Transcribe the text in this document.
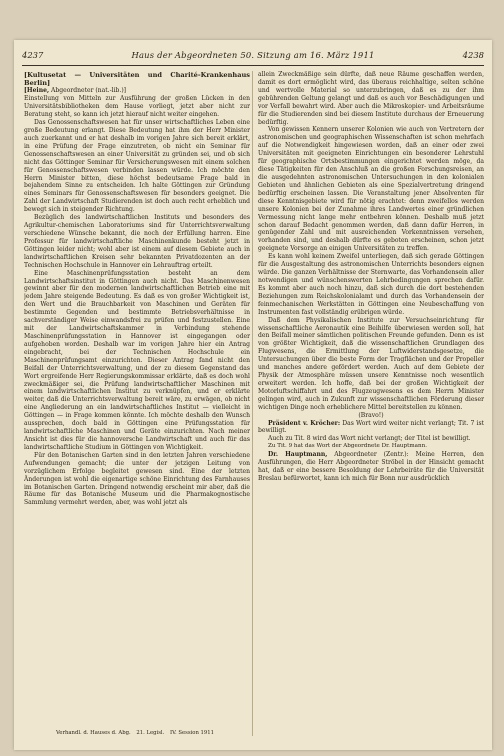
4237	Haus der Abgeordneten 50. Sitzung am 16. März 1911	4238

[Kultusetat — Universitäten und Charité-Krankenhaus Berlin]

[Heine, Abgeordneter (nat.-lib.)]

Einstellung von Mitteln zur Ausführung der großen Lücken in den Universitätsbibliotheken dem Hause vorliegt, jetzt aber nicht zur Beratung steht, so kann ich jetzt hierauf nicht weiter eingehen.

Das Genossenschaftswesen hat für unser wirtschaftliches Leben eine große Bedeutung erlangt. Diese Bedeutung hat ihm der Herr Minister auch zuerkannt und er hat deshalb im vorigen Jahre sich bereit erklärt, in eine Prüfung der Frage einzutreten, ob nicht ein Seminar für Genossenschaftswesen an einer Universität zu gründen sei, und ob sich nicht das Göttinger Seminar für Versicherungswesen mit einem solchen für Genossenschaftswesen verbinden lassen würde. Ich möchte den Herrn Minister bitten, diese höchst bedeutsame Frage bald in bejahendem Sinne zu entscheiden. Ich halte Göttingen zur Gründung eines Seminars für Genossenschaftswesen für besonders geeignet. Die Zahl der Landwirtschaft Studierenden ist doch auch recht erheblich und bewegt sich in steigender Richtung.

Bezüglich des landwirtschaftlichen Instituts und besonders des Agrikultur-chemischen Laboratoriums sind für Unterrichtsverwaltung verschiedene Wünsche bekannt, die noch der Erfüllung harren. Eine Professur für landwirtschaftliche Maschinenkunde besteht jetzt in Göttingen leider nicht; wohl aber ist einem auf diesem Gebiete auch in landwirtschaftlichen Kreisen sehr bekannten Privatdozenten an der Technischen Hochschule in Hannover ein Lehrauftrag erteilt.

Eine Maschinenprüfungsstation besteht an dem Landwirtschaftsinstitut in Göttingen auch nicht. Das Maschinenwesen gewinnt aber für den modernen landwirtschaftlichen Betrieb eine mit jedem Jahre steigende Bedeutung. Es daß es von großer Wichtigkeit ist, den Wert und die Brauchbarkeit von Maschinen und Geräten für bestimmte Gegenden und bestimmte Betriebsverhältnisse in sachverständiger Weise einwandsfrei zu prüfen und festzustellen. Eine mit der Landwirtschaftskammer in Verbindung stehende Maschinenprüfungsstation in Hannover ist eingegangen oder aufgehoben worden. Deshalb war im vorigen Jahre hier ein Antrag eingebracht, bei der Technischen Hochschule ein Maschinenprüfungsamt einzurichten. Dieser Antrag fand nicht den Beifall der Unterrichtsverwaltung, und der zu diesem Gegenstand das Wort ergreifende Herr Regierungskommissar erklärte, daß es doch wohl zweckmäßiger sei, die Prüfung landwirtschaftlicher Maschinen mit einem landwirtschaftlichen Institut zu verknüpfen, und er erklärte weiter, daß die Unterrichtsverwaltung bereit wäre, zu erwägen, ob nicht eine Angliederung an ein landwirtschaftliches Institut — vielleicht in Göttingen — in Frage kommen könnte. Ich möchte deshalb den Wunsch aussprechen, doch bald in Göttingen eine Prüfungsstation für landwirtschaftliche Maschinen und Geräte einzurichten. Nach meiner Ansicht ist dies für die hannoversche Landwirtschaft und auch für das landwirtschaftliche Studium in Göttingen von Wichtigkeit.

Für den Botanischen Garten sind in den letzten Jahren verschiedene Aufwendungen gemacht; die unter der jetzigen Leitung von vorzüglichem Erfolge begleitet gewesen sind. Eine der letzten Änderungen ist wohl die eigenartige schöne Einrichtung des Farnhauses im Botanischen Garten. Dringend notwendig erscheint mir aber, daß die Räume für das Botanische Museum und die Pharmakognostische Sammlung vermehrt werden, aber, was wohl jetzt als

Verhandl. d. Hauses d. Abg. 21. Legisl. IV. Session 1911

allein Zweckmäßige sein dürfte, daß neue Räume geschaffen werden, damit es dort ermöglicht wird, das überaus reichhaltige, selten schöne und wertvolle Material so unterzubringen, daß es zu der ihm gebührenden Geltung gelangt und daß es auch vor Beschädigungen und vor Verfall bewahrt wird. Aber auch die Mikroskopier- und Arbeitsräume für die Studierenden sind bei diesem Institute durchaus der Erneuerung bedürftig.

Von gewissen Kennern unserer Kolonien wie auch von Vertretern der astronomischen und geographischen Wissenschaften ist schon mehrfach auf die Notwendigkeit hingewiesen worden, daß an einer oder zwei Universitäten mit geeigneten Einrichtungen ein besonderer Lehrstuhl für geographische Ortsbestimmungen eingerichtet werden möge, da diese Tätigkeiten für den Anschluß an die großen Forschungsreisen, an die ausgedehnten astronomischen Untersuchungen in den kolonialen Gebieten und ähnlichen Gebieten als eine Spezialvertretung dringend bedürftig erscheinen lassen. Die Veranstaltung jener Absolventen für diese Kenntnisgebiete wird für nötig erachtet: denn zweifellos werden unsere Kolonien bei der Zunahme ihres Landwertes einer gründlichen Vermessung nicht lange mehr entbehren können. Deshalb muß jetzt schon darauf Bedacht genommen werden, daß dann dafür Herren, in genügender Zahl und mit ausreichenden Vorkenntnissen versehen, vorhanden sind, und deshalb dürfte es geboten erscheinen, schon jetzt geeignete Vorsorge an einigen Universitäten zu treffen.

Es kann wohl keinem Zweifel unterliegen, daß sich gerade Göttingen für die Ausgestaltung des astronomischen Unterrichts besonders eignen würde. Die ganzen Verhältnisse der Sternwarte, das Vorhandensein aller notwendigen und wünschenswerten Lehrbedingungen sprechen dafür. Es kommt aber auch noch hinzu, daß sich durch die dort bestehenden Beziehungen zum Reichskolonialamt und durch das Vorhandensein der feinmechanischen Werkstätten in Göttingen eine Neubeschaffung von Instrumenten fast vollständig erübrigen würde.

Daß dem Physikalischen Institute zur Versuchseinrichtung für wissenschaftliche Aeronautik eine Beihilfe überwiesen werden soll, hat den Beifall meiner sämtlichen politischen Freunde gefunden. Denn es ist von größter Wichtigkeit, daß die wissenschaftlichen Grundlagen des Flugwesens, die Ermittlung der Luftwiderstandsgesetze, die Untersuchungen über die beste Form der Tragflächen und der Propeller und manches andere gefördert werden. Auch auf dem Gebiete der Physik der Atmosphäre müssen unsere Kenntnisse noch wesentlich erweitert werden. Ich hoffe, daß bei der großen Wichtigkeit der Motorluftschiffahrt und des Flugzeugwesens es dem Herrn Minister gelingen wird, auch in Zukunft zur wissenschaftlichen Förderung dieser wichtigen Dinge noch erheblichere Mittel bereitstellen zu können.

(Bravo!)

Präsident v. Kröcher: Das Wort wird weiter nicht verlangt; Tit. 7 ist bewilligt.

Auch zu Tit. 8 wird das Wort nicht verlangt; der Titel ist bewilligt.

Zu Tit. 9 hat das Wort der Abgeordnete Dr. Hauptmann.

Dr. Hauptmann, Abgeordneter (Zentr.): Meine Herren, den Ausführungen, die Herr Abgeordneter Ströbel in der Hinsicht gemacht hat, daß er eine bessere Besoldung der Lehrbeiräte für die Universität Breslau befürwortet, kann ich mich für Bonn nur ausdrücklich
